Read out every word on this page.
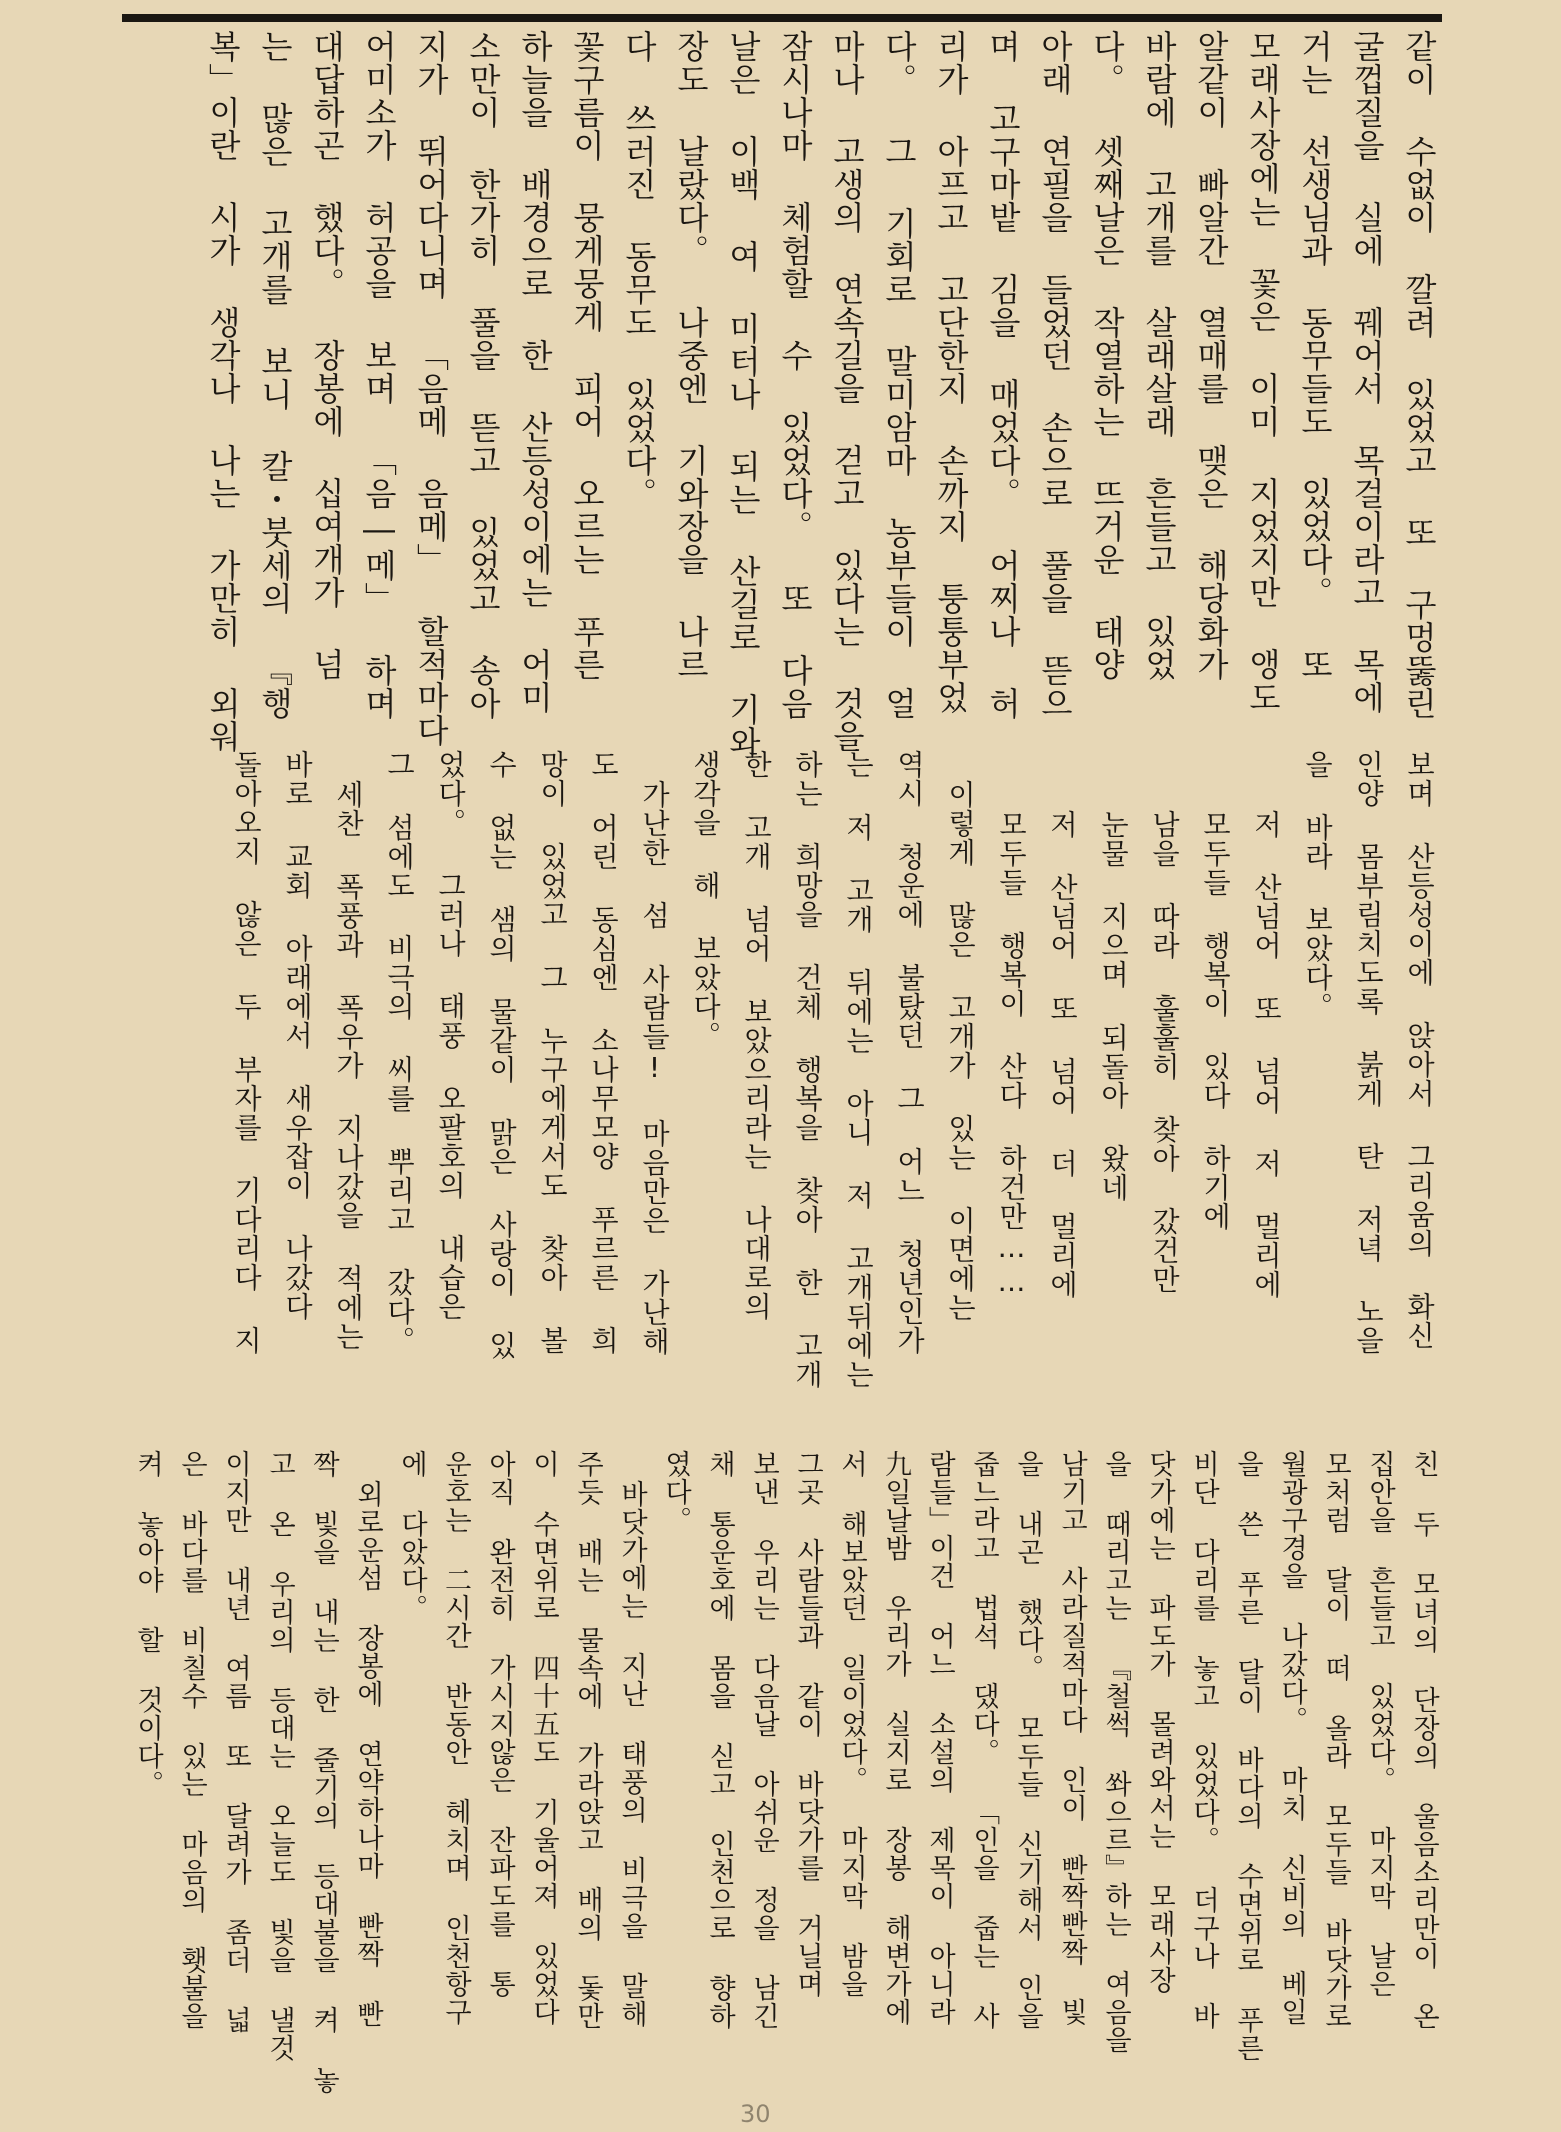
같이 수없이 깔려 있었고 또 구멍뚫린
굴껍질을 실에 꿰어서 목걸이라고 목에
거는 선생님과 동무들도 있었다。 또
모래사장에는 꽃은 이미 지었지만 앵도
알같이 빠알간 열매를 맺은 해당화가
바람에 고개를 살래살래 흔들고 있었
다。 셋째날은 작열하는 뜨거운 태양
아래 연필을 들었던 손으로 풀을 뜯으
며 고구마밭 김을 매었다。 어찌나 허
리가 아프고 고단한지 손까지 퉁퉁부었
다。 그 기회로 말미암마 농부들이 얼
마나 고생의 연속길을 걷고 있다는 것을
잠시나마 체험할 수 있었다。 또 다음
날은 이백 여 미터나 되는 산길로 기와
장도 날랐다。 나중엔 기와장을 나르
다 쓰러진 동무도 있었다。
꽃구름이 뭉게뭉게 피어 오르는 푸른
하늘을 배경으로 한 산등성이에는 어미
소만이 한가히 풀을 뜯고 있었고 송아
지가 뛰어다니며 「음메 음메」 할적마다
어미소가 허공을 보며 「음―메」 하며
대답하곤 했다。 장봉에 십여개가 넘
는 많은 고개를 보니 칼・붓세의 『행
복」이란 시가 생각나 나는 가만히 외워
보며 산등성이에 앉아서 그리움의 화신
인양 몸부림치도록 붉게 탄 저녁 노을
을 바라 보았다。
저 산넘어 또 넘어 저 멀리에
모두들 행복이 있다 하기에
남을 따라 훌훌히 찾아 갔건만
눈물 지으며 되돌아 왔네
저 산넘어 또 넘어 더 멀리에
모두들 행복이 산다 하건만……
이렇게 많은 고개가 있는 이면에는
역시 청운에 불탔던 그 어느 청년인가
는 저 고개 뒤에는 아니 저 고개뒤에는
하는 희망을 건체 행복을 찾아 한 고개
한 고개 넘어 보았으리라는 나대로의
생각을 해 보았다。
가난한 섬 사람들! 마음만은 가난해
도 어린 동심엔 소나무모양 푸르른 희
망이 있었고 그 누구에게서도 찾아 볼
수 없는 샘의 물같이 맑은 사랑이 있
었다。 그러나 태풍 오팔호의 내습은
그 섬에도 비극의 씨를 뿌리고 갔다。
세찬 폭풍과 폭우가 지나갔을 적에는
바로 교회 아래에서 새우잡이 나갔다
돌아오지 않은 두 부자를 기다리다 지
친 두 모녀의 단장의 울음소리만이 온
집안을 흔들고 있었다。 마지막 날은
모처럼 달이 떠 올라 모두들 바닷가로
월광구경을 나갔다。 마치 신비의 베일
을 쓴 푸른 달이 바다의 수면위로 푸른
비단 다리를 놓고 있었다。 더구나 바
닷가에는 파도가 몰려와서는 모래사장
을 때리고는 『철썩 쏴으르』하는 여음을
남기고 사라질적마다 인이 빤짝빤짝 빛
을 내곤 했다。 모두들 신기해서 인을
줍느라고 법석 댔다。 「인을 줍는 사
람들」이건 어느 소설의 제목이 아니라
九일날밤 우리가 실지로 장봉 해변가에
서 해보았던 일이었다。 마지막 밤을
그곳 사람들과 같이 바닷가를 거닐며
보낸 우리는 다음날 아쉬운 정을 남긴
채 통운호에 몸을 싣고 인천으로 향하
였다。
바닷가에는 지난 태풍의 비극을 말해
주듯 배는 물속에 가라앉고 배의 돛만
이 수면위로 四十五도 기울어져 있었다
아직 완전히 가시지않은 잔파도를 통
운호는 二시간 반동안 헤치며 인천항구
에 다았다。
외로운섬 장봉에 연약하나마 빤짝 빤
짝 빛을 내는 한 줄기의 등대불을 켜 놓
고 온 우리의 등대는 오늘도 빛을 낼것
이지만 내년 여름 또 달려가 좀더 넓
은 바다를 비칠수 있는 마음의 횃불을
켜 놓아야 할 것이다。
30
